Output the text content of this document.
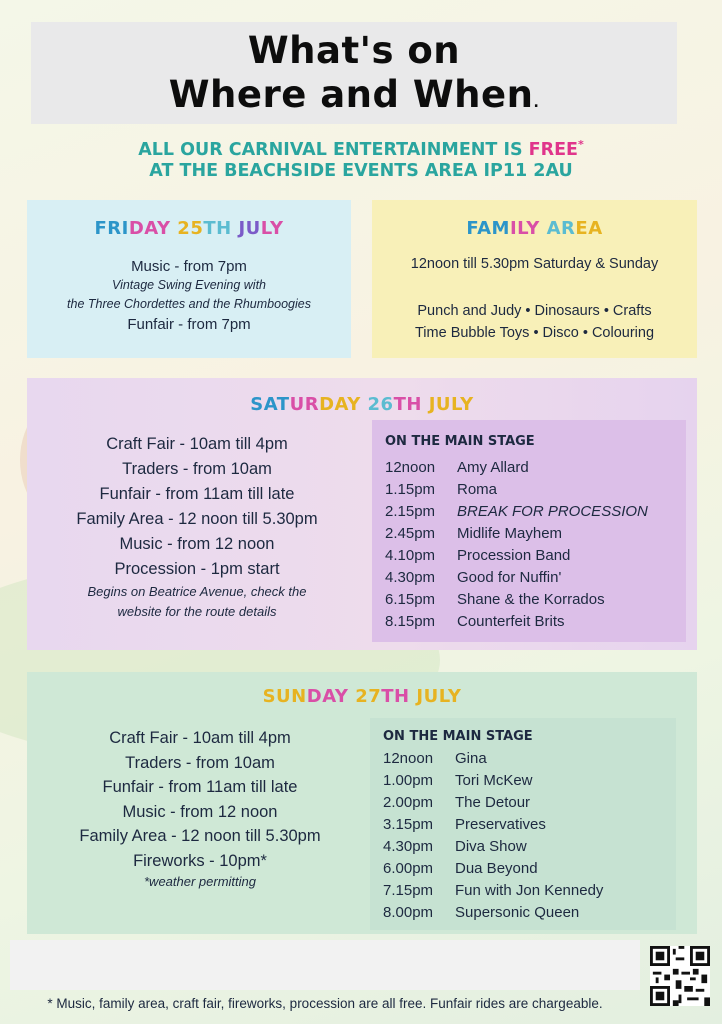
What's on
Where and When.
ALL OUR CARNIVAL ENTERTAINMENT IS FREE*
AT THE BEACHSIDE EVENTS AREA IP11 2AU
FRIDAY 25TH JULY
Music - from 7pm
Vintage Swing Evening with
the Three Chordettes and the Rhumboogies
Funfair - from 7pm
FAMILY AREA
12noon till 5.30pm Saturday & Sunday
Punch and Judy • Dinosaurs • Crafts
Time Bubble Toys • Disco • Colouring
SATURDAY 26TH JULY
Craft Fair - 10am till 4pm
Traders - from 10am
Funfair - from 11am till late
Family Area - 12 noon till 5.30pm
Music - from 12 noon
Procession - 1pm start
Begins on Beatrice Avenue, check the
website for the route details
ON THE MAIN STAGE
12noon Amy Allard
1.15pm Roma
2.15pm BREAK FOR PROCESSION
2.45pm Midlife Mayhem
4.10pm Procession Band
4.30pm Good for Nuffin'
6.15pm Shane & the Korrados
8.15pm Counterfeit Brits
SUNDAY 27TH JULY
Craft Fair - 10am till 4pm
Traders - from 10am
Funfair - from 11am till late
Music - from 12 noon
Family Area - 12 noon till 5.30pm
Fireworks - 10pm*
*weather permitting
ON THE MAIN STAGE
12noon Gina
1.00pm Tori McKew
2.00pm The Detour
3.15pm Preservatives
4.30pm Diva Show
6.00pm Dua Beyond
7.15pm Fun with Jon Kennedy
8.00pm Supersonic Queen
* Music, family area, craft fair, fireworks, procession are all free. Funfair rides are chargeable.
